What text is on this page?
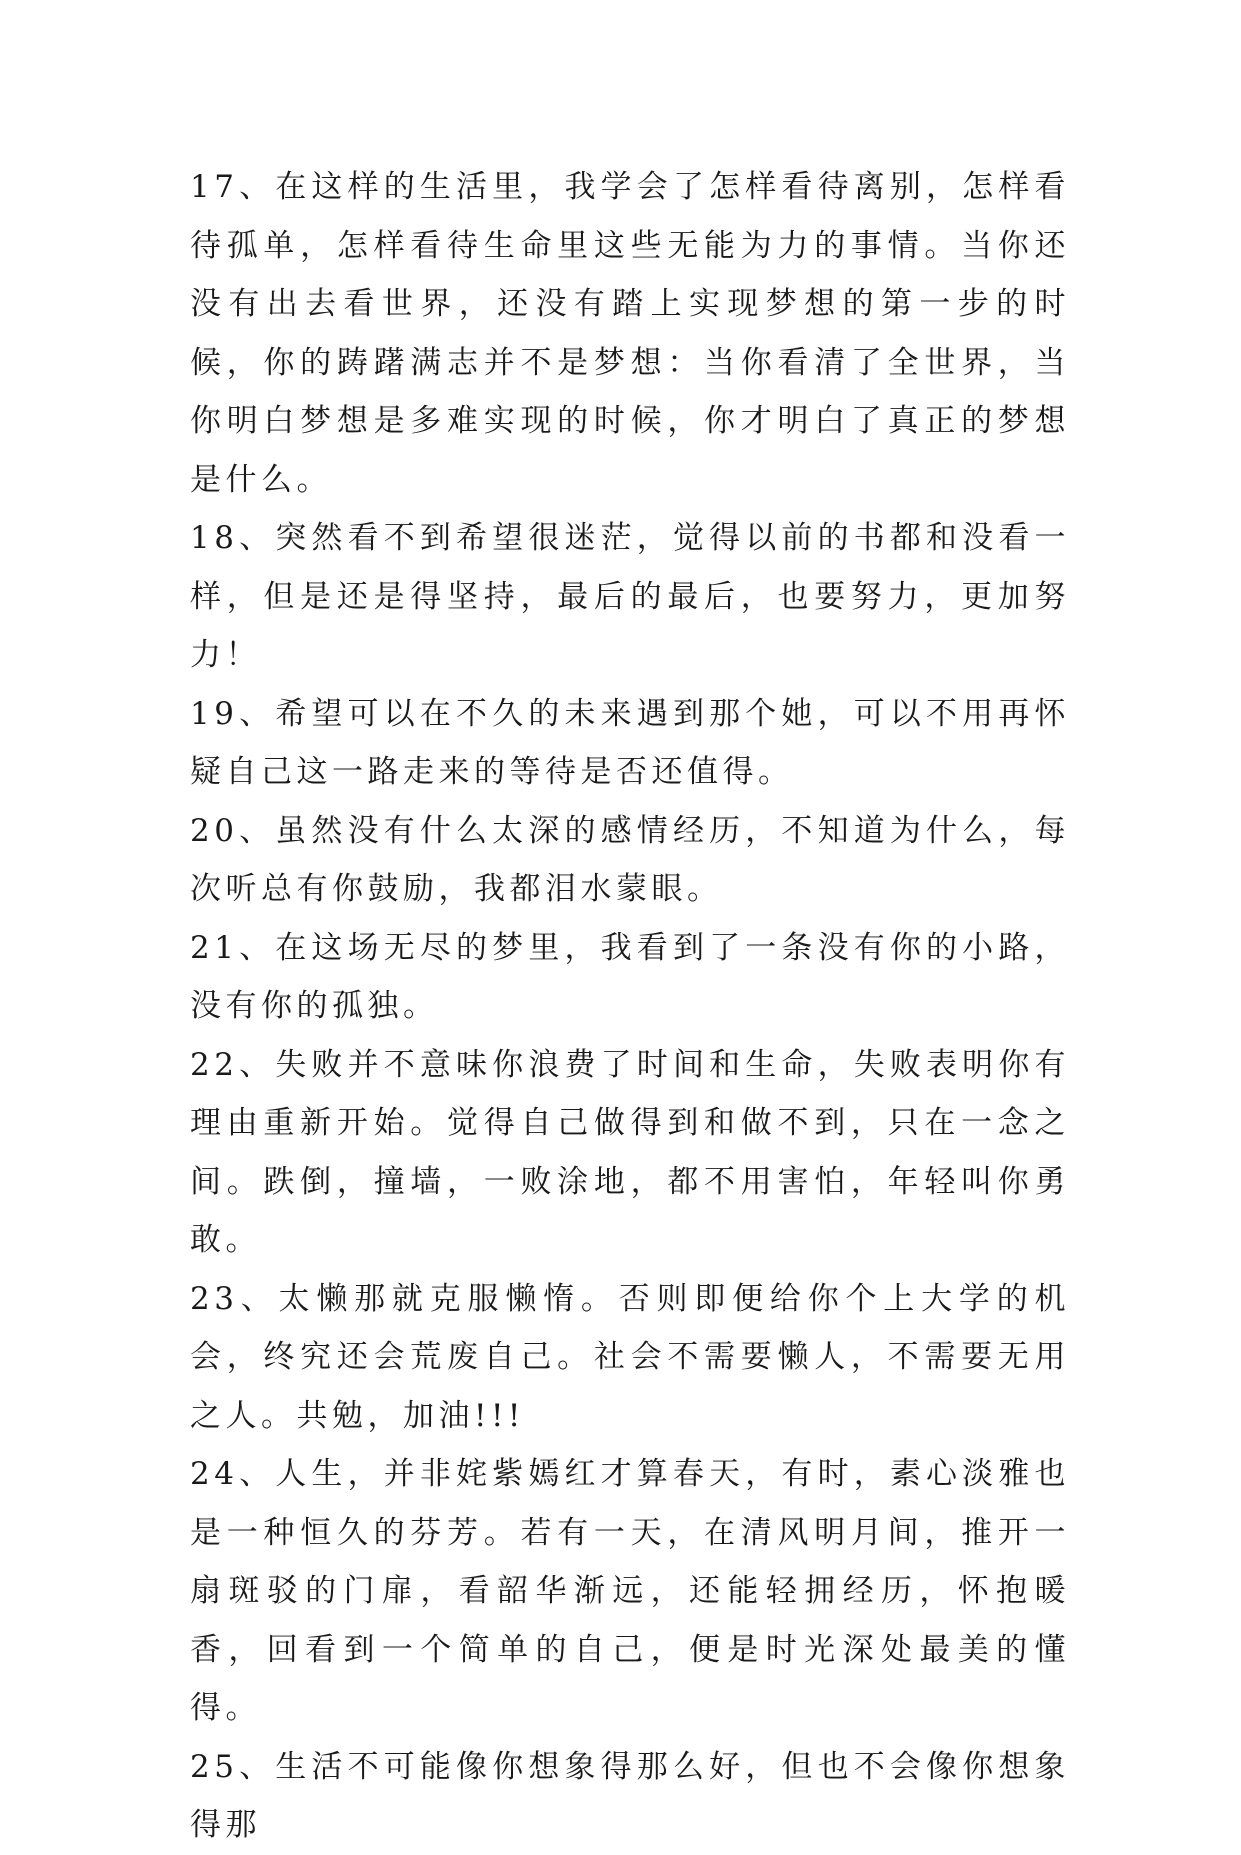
17、在这样的生活里，我学会了怎样看待离别，怎样看待孤单，怎样看待生命里这些无能为力的事情。当你还没有出去看世界，还没有踏上实现梦想的第一步的时候，你的踌躇满志并不是梦想：当你看清了全世界，当你明白梦想是多难实现的时候，你才明白了真正的梦想是什么。

18、突然看不到希望很迷茫，觉得以前的书都和没看一样，但是还是得坚持，最后的最后，也要努力，更加努力！

19、希望可以在不久的未来遇到那个她，可以不用再怀疑自己这一路走来的等待是否还值得。

20、虽然没有什么太深的感情经历，不知道为什么，每次听总有你鼓励，我都泪水蒙眼。

21、在这场无尽的梦里，我看到了一条没有你的小路，没有你的孤独。

22、失败并不意味你浪费了时间和生命，失败表明你有理由重新开始。觉得自己做得到和做不到，只在一念之间。跌倒，撞墙，一败涂地，都不用害怕，年轻叫你勇敢。

23、太懒那就克服懒惰。否则即便给你个上大学的机会，终究还会荒废自己。社会不需要懒人，不需要无用之人。共勉，加油!!!

24、人生，并非姹紫嫣红才算春天，有时，素心淡雅也是一种恒久的芬芳。若有一天，在清风明月间，推开一扇斑驳的门扉，看韶华渐远，还能轻拥经历，怀抱暖香，回看到一个简单的自己，便是时光深处最美的懂得。

25、生活不可能像你想象得那么好，但也不会像你想象得那
